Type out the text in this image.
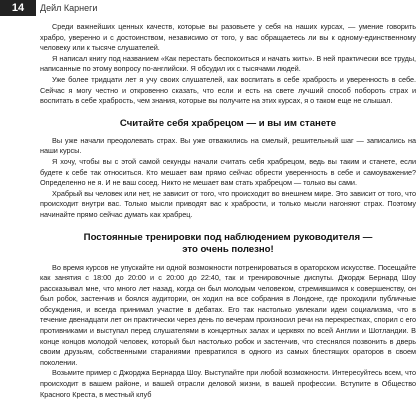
14	Дейл Карнеги

Среди важнейших ценных качеств, которые вы разовьете у себя на наших курсах, — умение говорить храбро, уверенно и с достоинством, независимо от того, у вас обращаетесь ли вы к одному-единственному человеку или к тысяче слушателей.

Я написал книгу под названием «Как перестать беспокоиться и начать жить». В ней практически все труды, написанные по этому вопросу по-английски. Я обсудил их с тысячами людей.

Уже более тридцати лет я учу своих слушателей, как воспитать в себе храбрость и уверенность в себе. Сейчас я могу честно и откровенно сказать, что если и есть на свете лучший способ побороть страх и воспитать в себе храбрость, чем знания, которые вы получите на этих курсах, я о таком еще не слышал.

Считайте себя храбрецом — и вы им станете

Вы уже начали преодолевать страх. Вы уже отважились на смелый, решительный шаг — записались на наши курсы.

Я хочу, чтобы вы с этой самой секунды начали считать себя храбрецом, ведь вы таким и станете, если будете к себе так относиться. Кто мешает вам прямо сейчас обрести уверенность в себе и самоуважение? Определенно не я. И не ваш сосед. Никто не мешает вам стать храбрецом — только вы сами.

Храбрый вы человек или нет, не зависит от того, что происходит во внешнем мире. Это зависит от того, что происходит внутри вас. Только мысли приводят вас к храбрости, и только мысли нагоняют страх. Поэтому начинайте прямо сейчас думать как храбрец.

Постоянные тренировки под наблюдением руководителя —
это очень полезно!

Во время курсов не упускайте ни одной возможности потренироваться в ораторском искусстве. Посещайте как занятия с 18:00 до 20:00 и с 20:00 до 22:40, так и тренировочные диспуты. Джордж Бернард Шоу рассказывал мне, что много лет назад, когда он был молодым человеком, стремившимся к совершенству, он был робок, застенчив и боялся аудитории, он ходил на все собрания в Лондоне, где проходили публичные обсуждения, и всегда принимал участие в дебатах. Его так настолько увлекали идеи социализма, что в течение двенадцати лет он практически через день по вечерам произносил речи на перекрестках, спорил с его противниками и выступал перед слушателями в концертных залах и церквях по всей Англии и Шотландии. В конце концов молодой человек, который был настолько робок и застенчив, что стеснялся позвонить в дверь своим друзьям, собственными стараниями превратился в одного из самых блестящих ораторов в своем поколении.

Возьмите пример с Джорджа Бернарда Шоу. Выступайте при любой возможности. Интересуйтесь всем, что происходит в вашем районе, и вашей отрасли деловой жизни, в вашей профессии. Вступите в Общество Красного Креста, в местный клуб
